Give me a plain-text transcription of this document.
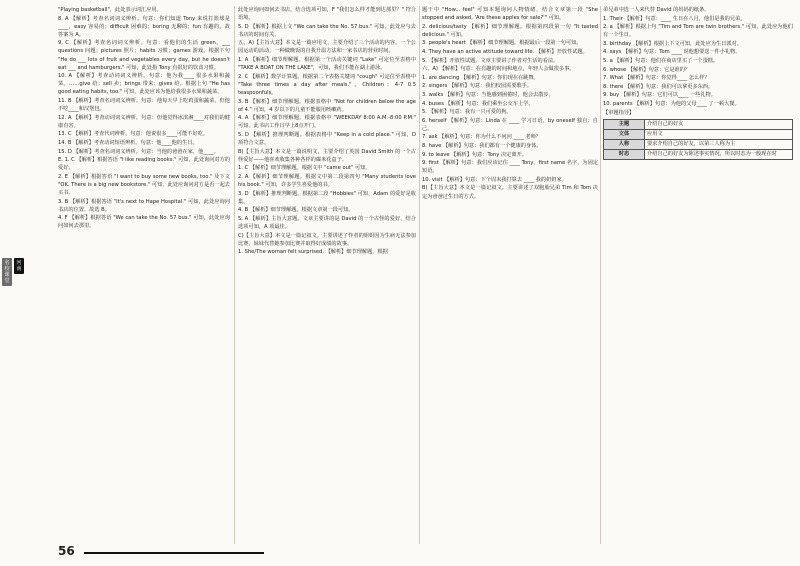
名校课堂
河南
"Playing basketball"，此处表示词汇应用。
8. A 【解析】考查名词词义辨析。句意：你们知道 Tony 来说打篮球是____，easy 容易的；difficult 困难的；boring 无聊的；fun 有趣的。故答案为 A。
9. C 【解析】考查名词词义辨析。句意：看他们的生活 green。___ questions 问题；pictures 照片；habits 习惯；games 游戏。根据下句 "He do ___ lots of fruit and vegetables every day, but he doesn't eat ___ and hamburgers." 可知，此处指 Tony 有很好的饮食习惯。
10. A 【解析】考查动词词义辨析。句意：他为我____ 很多水果和蔬菜。……give 给；sell 卖；brings 带来；gives 给。根据上句 "He has good eating habits, too." 可知，此处应该为他给我很多水果和蔬菜。
11. B 【解析】考查名词词义辨析。句意：他每天早上吃鸡蛋和蔬菜，但他不吃____和汉堡包。
12. A 【解析】考查动词词义辨析。句意：但他觉得冰淇淋____对我们的健康有害。
13. C 【解析】考查代词辨析。句意：他说很多____可能不好吃。
14. B 【解析】考查动词短语辨析。句意：他____他的生日。
15. D 【解析】考查名词词义辨析。句意：当他的爸爸在家，他____。
E. 1. C 【解析】根据答语 "I like reading books." 可知，此处询问对方的爱好。
2. E 【解析】根据答语 "I want to buy some new books, too." 及下文 "OK. There is a big new bookstore." 可知，此处应询问对方是否一起去买书。
3. B 【解析】根据答语 "It's next to Hape Hospital." 可知，此处应询问书店的位置。故选 B。
4. F 【解析】根据答语 "We can take the No. 57 bus." 可知，此处应询问如何去那里。
此处应询问如何去书店，结合选项可知，F "我们怎么样才能到达那里？" 符合语境。
5. D 【解析】根据上文 "We can take the No. 57 bus." 可知，此处应与去书店的时间有关。
五、A)【主旨大意】本文是一篇应用文，主要介绍了三个活动的内容。一个公园运动的活动，一种做晚饭的自我升温方法和一家书店的营业时间。
1. A 【解析】细节理解题。根据第一个活动关键词 "Lake" 可定位至表格中 "TAKE A BOAT ON THE LAKE"，可知，我们不能在湖上游泳。
2. C 【解析】数学计算题。根据第二个表格关键词 "cough" 可定位至表格中 "Take three times a day after meals."。Children：4-7 0.5 teaspoonfuls。
3. B 【解析】细节理解题。根据表格中 "Not for children below the age of 4." 可知，4 岁以下的儿童不能服用咳嗽药。
4. A 【解析】细节理解题。根据表格中 "WEEKDAY 8:00 A.M.-8:00 P.M." 可知，此书店工作日早上8点开门。
5. D 【解析】推理判断题。根据表格中 "Keep in a cold place." 可知，D 项符合文意。
B)【主旨大意】本文是一篇说明文，主要介绍了英国 David Smith 的一个古怪爱好——他喜欢收集各种各样的爆米花盒子。
1. C 【解析】细节理解题。根据文中 "came out" 可知。
2. A 【解析】细节理解题。根据文中第二段第四句 "Many students love his book." 可知，许多学生喜爱他的书。
3. D 【解析】推理判断题。根据第二段 "Hobbies" 可知，Adam 的爱好是收集。
4. B 【解析】细节理解题。根据文章第一段可知。
5. A 【解析】主旨大意题。文章主要讲的是 David 的一个古怪的爱好，结合选项可知，A 项最佳。
C)【主旨大意】本文是一篇记叙文。主要讲述了作者的姐姐因为生病无法参加比赛，妹妹代替她参加比赛并取得好成绩的故事。
1. She/The woman felt surprised. 【解析】细节理解题。根据
题干中 "How... feel" 可知本题询问人物情绪，结合文章第一段 "She stopped and asked, 'Are these apples for sale?'" 可知。
2. delicious/tasty 【解析】细节理解题。根据第四段第一句 "It tasted delicious." 可知。
3. people's heart 【解析】细节理解题。根据最后一段第一句可知。
4. They have an active attitude toward life. 【解析】开放性试题。
5. 【解析】开放性试题。文章主要讲了作者对生活的看法。
六、A) 【解析】句意：在有趣的时间和地点，年轻人会做很多事。
1. are dancing 【解析】句意：你们现在在跳舞。
2. singers 【解析】句意：我们校园需要歌手。
3. walks 【解析】句意：当他感到困倦时，他会去散步。
4. buses 【解析】句意：我们乘坐公交车上学。
5. 【解析】句意：我有一只可爱的狗。
6. herself 【解析】句意：Linda 在 ____ 学习日语，by oneself 独自；自己。
7. ask 【解析】句意：你为什么不问问 ____ 老师？
8. have 【解析】句意：我们都有一个健康的身体。
9. to leave 【解析】句意：Tony 决定离开。
9. first 【解析】句意：我们应该记住 ____ Tony。first name 名字，为固定短语。
10. visit 【解析】句意：下个周末我打算去 ____ 我的奶奶家。
B)【主旨大意】本文是一篇记叙文。主要讲述了双胞胎兄弟 Tim 和 Tom 决定为爸爸过生日的方式。
弟兄弟中选一人来代替 David 的妈妈的纸条。
1. Their 【解析】句意：____ 生日在八月，他们是我的兄弟。
2. a 【解析】根据上句 "Tim and Tom are twin brothers." 可知，此处应为他们有一个生日。
3. birthday 【解析】根据上下文可知，此处应为生日派对。
4. says 【解析】句意：Tom ____ 说他想要送一件小礼物。
5. a 【解析】句意：他们在商店里买了一个蛋糕。
6. whose 【解析】句意：它是谁的？
7. What 【解析】句意：你觉得____ 怎么样？
8. there 【解析】句意：我们可以拿更多东西。
9. buy 【解析】句意：它们可以____ 一些礼物。
10. parents 【解析】句意：为他的父母____ 了一顿大餐。
【审题指导】
主题	介绍自己的好友
文体	应用文
人称	要求介绍自己的好友，以第三人称为主
时态	介绍自己的好友为陈述事实情况，所以时态为一般现在时
56
